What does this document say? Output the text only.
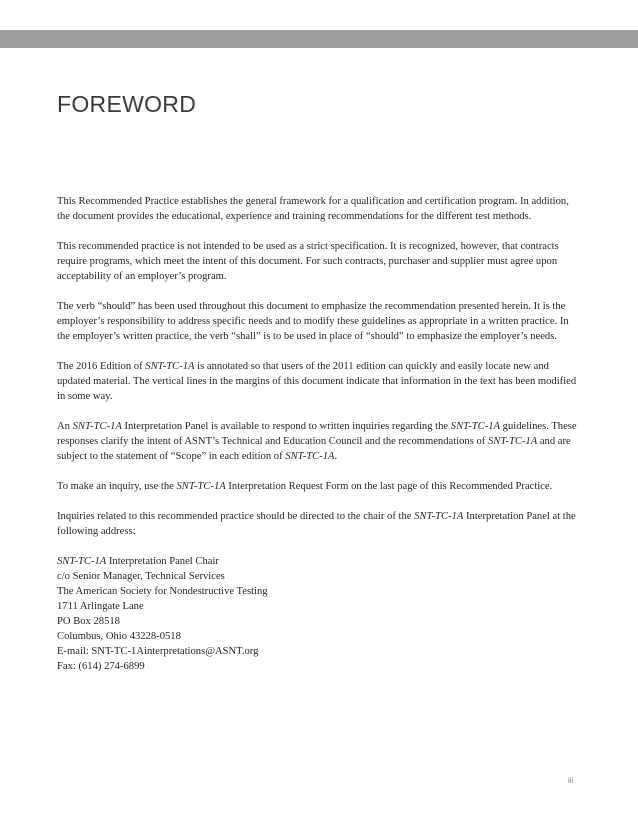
FOREWORD

This Recommended Practice establishes the general framework for a qualification and certification program. In addition, the document provides the educational, experience and training recommendations for the different test methods.

This recommended practice is not intended to be used as a strict specification. It is recognized, however, that contracts require programs, which meet the intent of this document. For such contracts, purchaser and supplier must agree upon acceptability of an employer’s program.

The verb “should” has been used throughout this document to emphasize the recommendation presented herein. It is the employer’s responsibility to address specific needs and to modify these guidelines as appropriate in a written practice. In the employer’s written practice, the verb “shall” is to be used in place of “should” to emphasize the employer’s needs.

The 2016 Edition of SNT-TC-1A is annotated so that users of the 2011 edition can quickly and easily locate new and updated material. The vertical lines in the margins of this document indicate that information in the text has been modified in some way.

An SNT-TC-1A Interpretation Panel is available to respond to written inquiries regarding the SNT-TC-1A guidelines. These responses clarify the intent of ASNT’s Technical and Education Council and the recommendations of SNT-TC-1A and are subject to the statement of “Scope” in each edition of SNT-TC-1A.

To make an inquiry, use the SNT-TC-1A Interpretation Request Form on the last page of this Recommended Practice.

Inquiries related to this recommended practice should be directed to the chair of the SNT-TC-1A Interpretation Panel at the following address:

SNT-TC-1A Interpretation Panel Chair
c/o Senior Manager, Technical Services
The American Society for Nondestructive Testing
1711 Arlingate Lane
PO Box 28518
Columbus, Ohio 43228-0518
E-mail: SNT-TC-1Ainterpretations@ASNT.org
Fax: (614) 274-6899

iii
